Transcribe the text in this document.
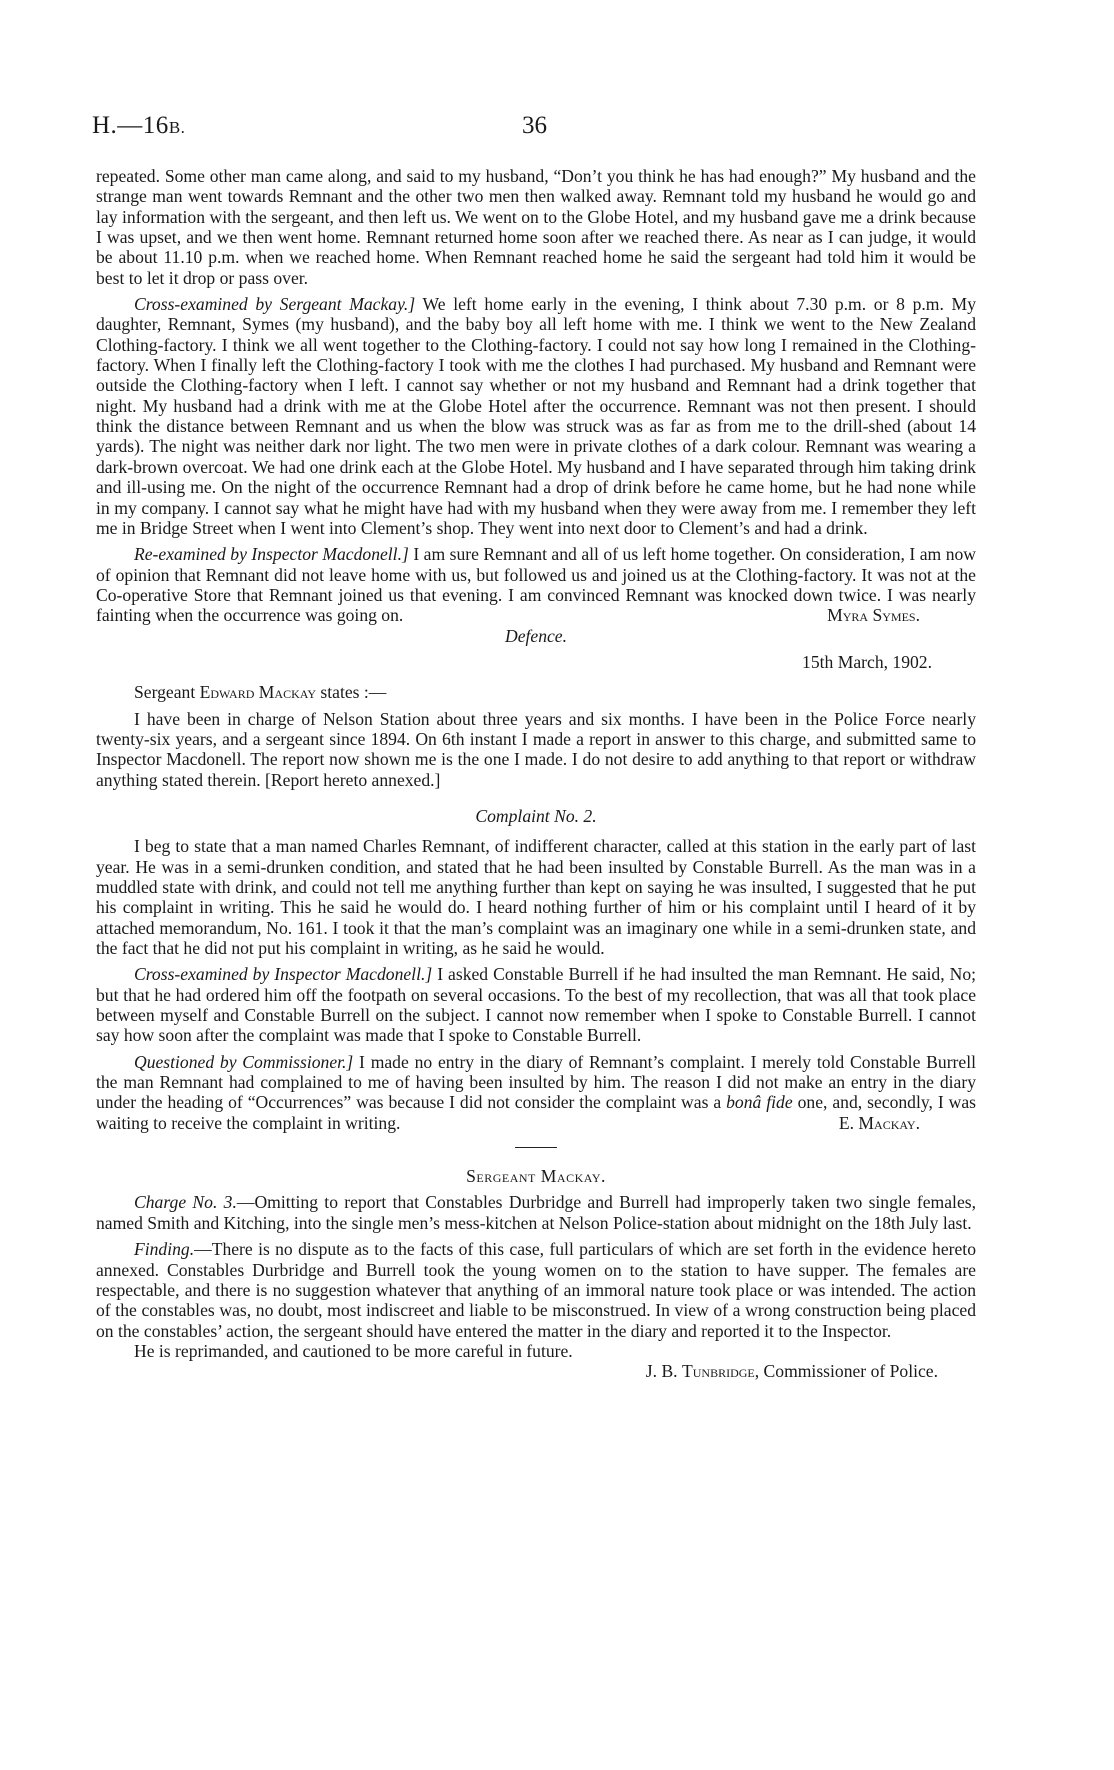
H.—16B.	36

repeated. Some other man came along, and said to my husband, “Don’t you think he has had enough?” My husband and the strange man went towards Remnant and the other two men then walked away. Remnant told my husband he would go and lay information with the sergeant, and then left us. We went on to the Globe Hotel, and my husband gave me a drink because I was upset, and we then went home. Remnant returned home soon after we reached there. As near as I can judge, it would be about 11.10 p.m. when we reached home. When Remnant reached home he said the sergeant had told him it would be best to let it drop or pass over.

Cross-examined by Sergeant Mackay.] We left home early in the evening, I think about 7.30 p.m. or 8 p.m. My daughter, Remnant, Symes (my husband), and the baby boy all left home with me. I think we went to the New Zealand Clothing-factory. I think we all went together to the Clothing-factory. I could not say how long I remained in the Clothing-factory. When I finally left the Clothing-factory I took with me the clothes I had purchased. My husband and Remnant were outside the Clothing-factory when I left. I cannot say whether or not my husband and Remnant had a drink together that night. My husband had a drink with me at the Globe Hotel after the occurrence. Remnant was not then present. I should think the distance between Remnant and us when the blow was struck was as far as from me to the drill-shed (about 14 yards). The night was neither dark nor light. The two men were in private clothes of a dark colour. Remnant was wearing a dark-brown overcoat. We had one drink each at the Globe Hotel. My husband and I have separated through him taking drink and ill-using me. On the night of the occurrence Remnant had a drop of drink before he came home, but he had none while in my company. I cannot say what he might have had with my husband when they were away from me. I remember they left me in Bridge Street when I went into Clement’s shop. They went into next door to Clement’s and had a drink.

Re-examined by Inspector Macdonell.] I am sure Remnant and all of us left home together. On consideration, I am now of opinion that Remnant did not leave home with us, but followed us and joined us at the Clothing-factory. It was not at the Co-operative Store that Remnant joined us that evening. I am convinced Remnant was knocked down twice. I was nearly fainting when the occurrence was going on.	Myra Symes.

Defence.

15th March, 1902.

Sergeant Edward Mackay states :—

I have been in charge of Nelson Station about three years and six months. I have been in the Police Force nearly twenty-six years, and a sergeant since 1894. On 6th instant I made a report in answer to this charge, and submitted same to Inspector Macdonell. The report now shown me is the one I made. I do not desire to add anything to that report or withdraw anything stated therein. [Report hereto annexed.]

Complaint No. 2.

I beg to state that a man named Charles Remnant, of indifferent character, called at this station in the early part of last year. He was in a semi-drunken condition, and stated that he had been insulted by Constable Burrell. As the man was in a muddled state with drink, and could not tell me anything further than kept on saying he was insulted, I suggested that he put his complaint in writing. This he said he would do. I heard nothing further of him or his complaint until I heard of it by attached memorandum, No. 161. I took it that the man’s complaint was an imaginary one while in a semi-drunken state, and the fact that he did not put his complaint in writing, as he said he would.

Cross-examined by Inspector Macdonell.] I asked Constable Burrell if he had insulted the man Remnant. He said, No; but that he had ordered him off the footpath on several occasions. To the best of my recollection, that was all that took place between myself and Constable Burrell on the subject. I cannot now remember when I spoke to Constable Burrell. I cannot say how soon after the complaint was made that I spoke to Constable Burrell.

Questioned by Commissioner.] I made no entry in the diary of Remnant’s complaint. I merely told Constable Burrell the man Remnant had complained to me of having been insulted by him. The reason I did not make an entry in the diary under the heading of “Occurrences” was because I did not consider the complaint was a bonâ fide one, and, secondly, I was waiting to receive the complaint in writing.	E. Mackay.

Sergeant Mackay.

Charge No. 3.—Omitting to report that Constables Durbridge and Burrell had improperly taken two single females, named Smith and Kitching, into the single men’s mess-kitchen at Nelson Police-station about midnight on the 18th July last.

Finding.—There is no dispute as to the facts of this case, full particulars of which are set forth in the evidence hereto annexed. Constables Durbridge and Burrell took the young women on to the station to have supper. The females are respectable, and there is no suggestion whatever that anything of an immoral nature took place or was intended. The action of the constables was, no doubt, most indiscreet and liable to be misconstrued. In view of a wrong construction being placed on the constables’ action, the sergeant should have entered the matter in the diary and reported it to the Inspector.

He is reprimanded, and cautioned to be more careful in future.

J. B. Tunbridge, Commissioner of Police.
